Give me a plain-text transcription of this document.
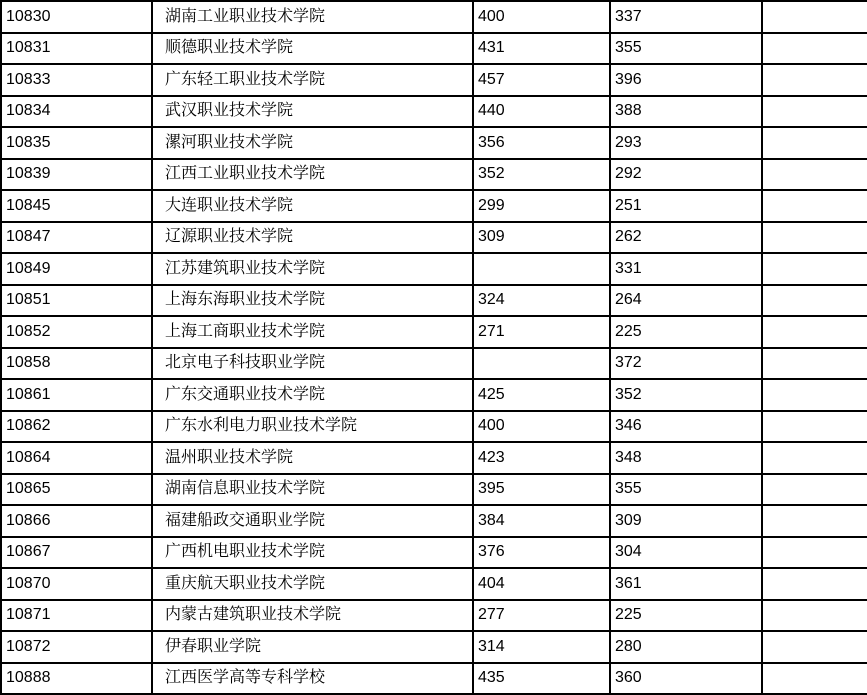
10830	湖南工业职业技术学院	400	337	
10831	顺德职业技术学院	431	355	
10833	广东轻工职业技术学院	457	396	
10834	武汉职业技术学院	440	388	
10835	漯河职业技术学院	356	293	
10839	江西工业职业技术学院	352	292	
10845	大连职业技术学院	299	251	
10847	辽源职业技术学院	309	262	
10849	江苏建筑职业技术学院		331	
10851	上海东海职业技术学院	324	264	
10852	上海工商职业技术学院	271	225	
10858	北京电子科技职业学院		372	
10861	广东交通职业技术学院	425	352	
10862	广东水利电力职业技术学院	400	346	
10864	温州职业技术学院	423	348	
10865	湖南信息职业技术学院	395	355	
10866	福建船政交通职业学院	384	309	
10867	广西机电职业技术学院	376	304	
10870	重庆航天职业技术学院	404	361	
10871	内蒙古建筑职业技术学院	277	225	
10872	伊春职业学院	314	280	
10888	江西医学高等专科学校	435	360	
